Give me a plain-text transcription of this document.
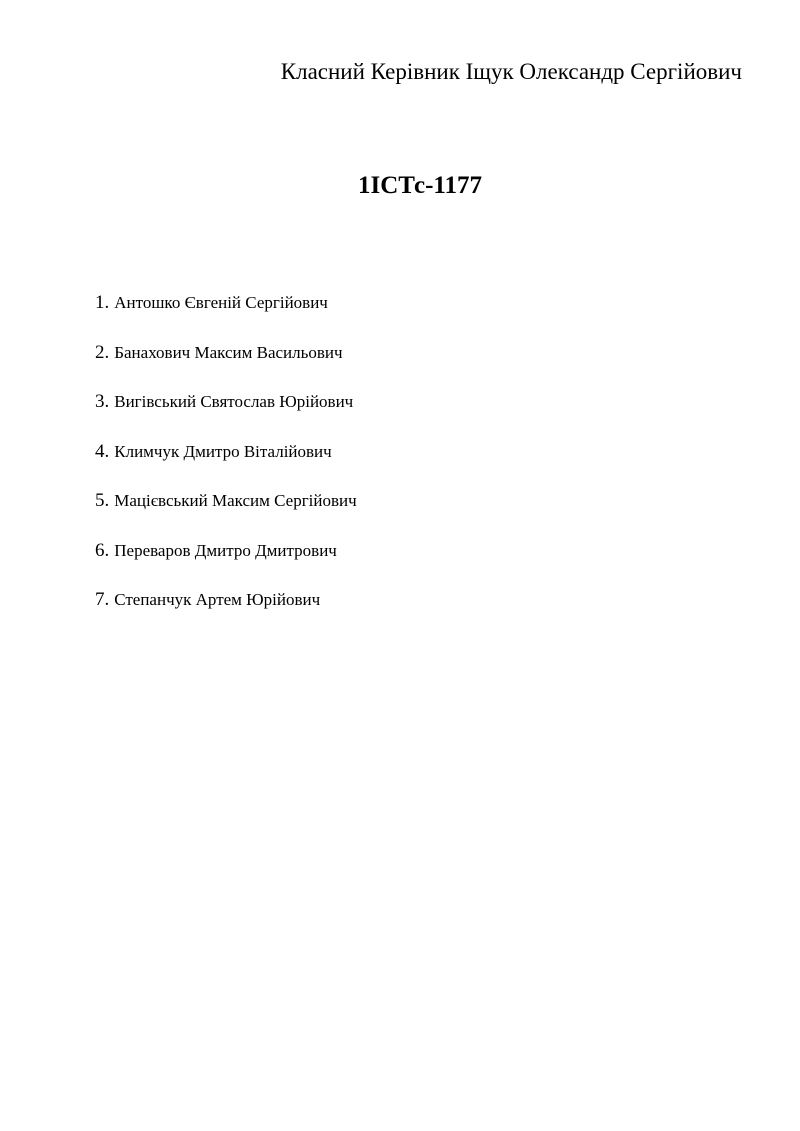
Класний Керівник Іщук Олександр Сергійович
1ІСТс-1177
1. Антошко Євгеній Сергійович
2. Банахович Максим Васильович
3. Вигівський Святослав Юрійович
4. Климчук Дмитро Віталійович
5. Мацієвський Максим Сергійович
6. Переваров Дмитро Дмитрович
7. Степанчук Артем Юрійович
